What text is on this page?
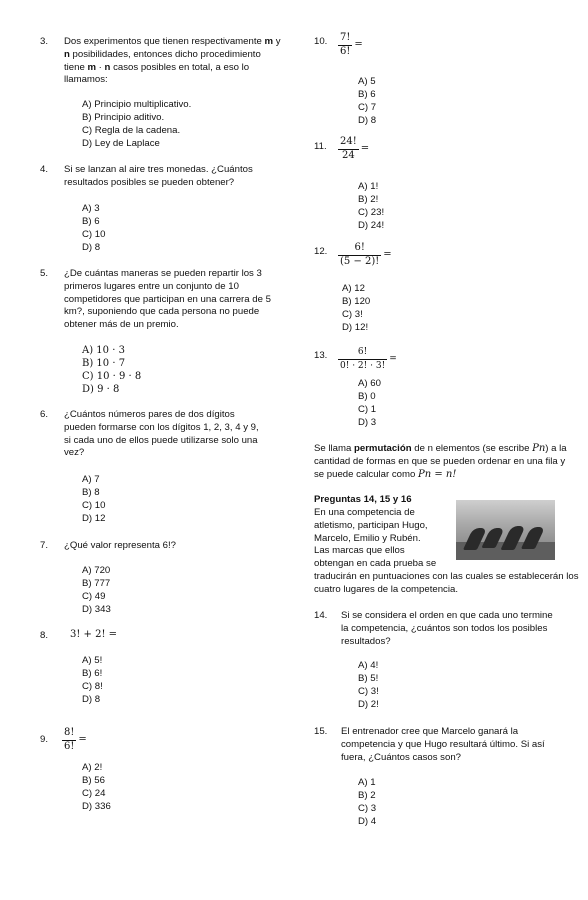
3.	Dos experimentos que tienen respectivamente m y n posibilidades, entonces dicho procedimiento tiene m · n casos posibles en total, a eso lo llamamos:
A) Principio multiplicativo.
B) Principio aditivo.
C) Regla de la cadena.
D) Ley de Laplace
4.	Si se lanzan al aire tres monedas. ¿Cuántos resultados posibles se pueden obtener?
A) 3
B) 6
C) 10
D) 8
5.	¿De cuántas maneras se pueden repartir los 3 primeros lugares entre un conjunto de 10 competidores que participan en una carrera de 5 km?, suponiendo que cada persona no puede obtener más de un premio.
A) 10 · 3
B) 10 · 7
C) 10 · 9 · 8
D) 9 · 8
6.	¿Cuántos números pares de dos dígitos pueden formarse con los dígitos 1, 2, 3, 4 y 9, si cada uno de ellos puede utilizarse solo una vez?
A) 7
B) 8
C) 10
D) 12
7.	¿Qué valor representa 6!?
A) 720
B) 777
C) 49
D) 343
8.	3! + 2! =
A) 5!
B) 6!
C) 8!
D) 8
9.	$\frac{8!}{6!}$ =
A) 2!
B) 56
C) 24
D) 336
10.	$\frac{7!}{6!}$ =
A) 5
B) 6
C) 7
D) 8
11.	$\frac{24!}{24}$ =
A) 1!
B) 2!
C) 23!
D) 24!
12.	$\frac{6!}{(5 - 2)!}$ =
A) 12
B) 120
C) 3!
D) 12!
13.	$\frac{6!}{0! \cdot 2! \cdot 3!}$ =
A) 60
B) 0
C) 1
D) 3
Se llama permutación de n elementos (se escribe Pn) a la cantidad de formas en que se pueden ordenar en una fila y se puede calcular como Pn = n!
Preguntas 14, 15 y 16
En una competencia de atletismo, participan Hugo, Marcelo, Emilio y Rubén. Las marcas que ellos obtengan en cada prueba se traducirán en puntuaciones con las cuales se establecerán los cuatro lugares de la competencia.
14.	Si se considera el orden en que cada uno termine la competencia, ¿cuántos son todos los posibles resultados?
A) 4!
B) 5!
C) 3!
D) 2!
15.	El entrenador cree que Marcelo ganará la competencia y que Hugo resultará último. Si así fuera, ¿Cuántos casos son?
A) 1
B) 2
C) 3
D) 4
